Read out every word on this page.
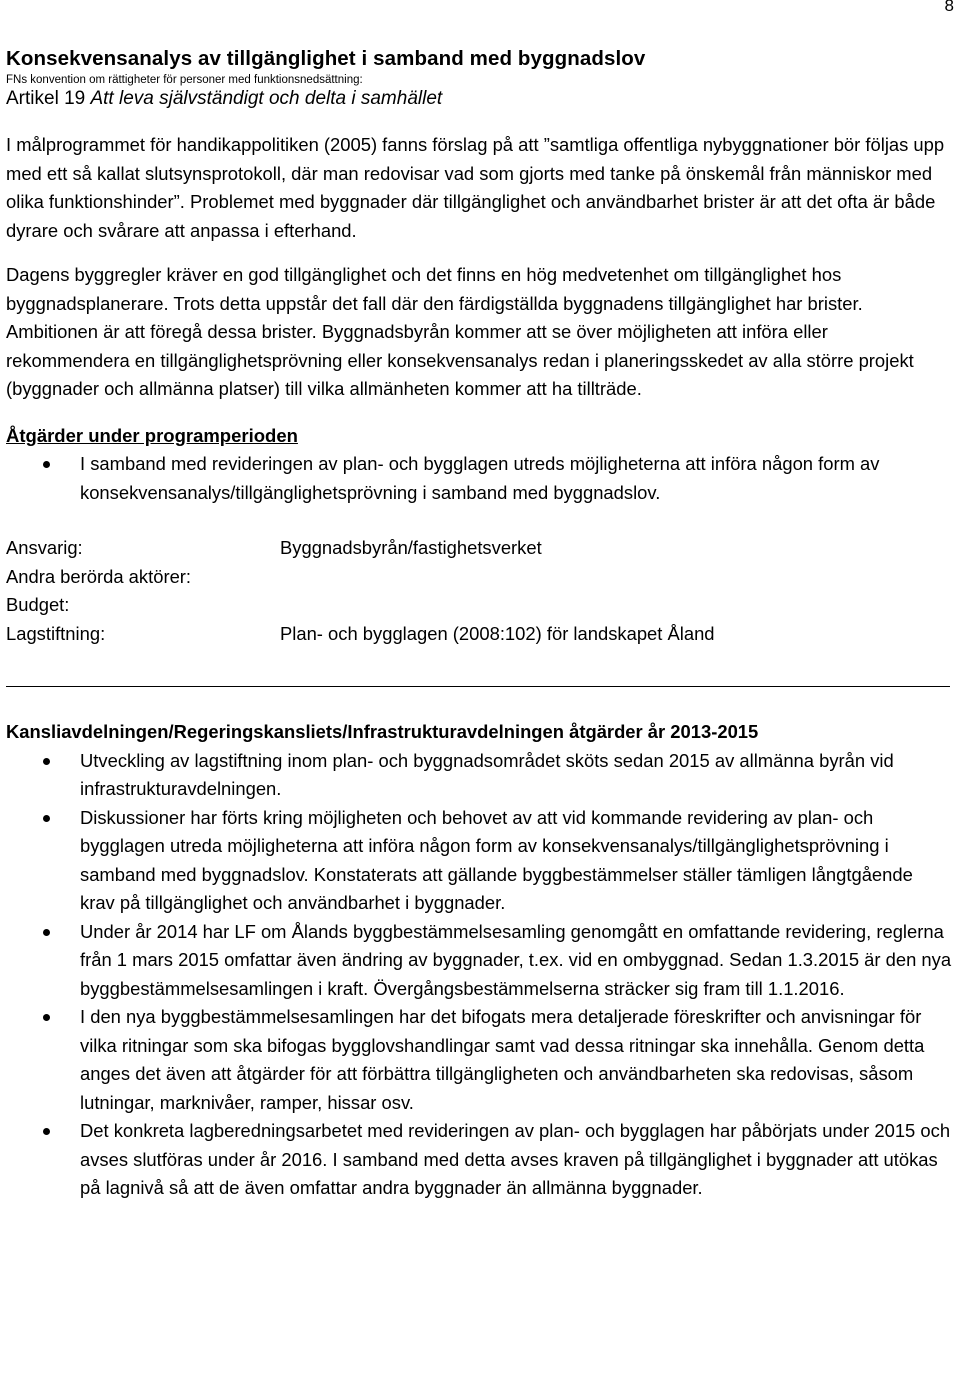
8
Konsekvensanalys av tillgänglighet i samband med byggnadslov

FNs konvention om rättigheter för personer med funktionsnedsättning:

Artikel 19 Att leva självständigt och delta i samhället

I målprogrammet för handikappolitiken (2005) fanns förslag på att ”samtliga offentliga nybyggnationer bör följas upp med ett så kallat slutsynsprotokoll, där man redovisar vad som gjorts med tanke på önskemål från människor med olika funktionshinder”. Problemet med byggnader där tillgänglighet och användbarhet brister är att det ofta är både dyrare och svårare att anpassa i efterhand.

Dagens byggregler kräver en god tillgänglighet och det finns en hög medvetenhet om tillgänglighet hos byggnadsplanerare. Trots detta uppstår det fall där den färdigställda byggnadens tillgänglighet har brister. Ambitionen är att föregå dessa brister. Byggnadsbyrån kommer att se över möjligheten att införa eller rekommendera en tillgänglighetsprövning eller konsekvensanalys redan i planeringsskedet av alla större projekt (byggnader och allmänna platser) till vilka allmänheten kommer att ha tillträde.

Åtgärder under programperioden
I samband med revideringen av plan- och bygglagen utreds möjligheterna att införa någon form av konsekvensanalys/tillgänglighetsprövning i samband med byggnadslov.
Ansvarig:	Byggnadsbyrån/fastighetsverket
Andra berörda aktörer:
Budget:
Lagstiftning:	Plan- och bygglagen (2008:102) för landskapet Åland
Kansliavdelningen/Regeringskansliets/Infrastrukturavdelningen åtgärder år 2013-2015
Utveckling av lagstiftning inom plan- och byggnadsområdet sköts sedan 2015 av allmänna byrån vid infrastrukturavdelningen.
Diskussioner har förts kring möjligheten och behovet av att vid kommande revidering av plan- och bygglagen utreda möjligheterna att införa någon form av konsekvensanalys/tillgänglighetsprövning i samband med byggnadslov. Konstaterats att gällande byggbestämmelser ställer tämligen långtgående krav på tillgänglighet och användbarhet i byggnader.
Under år 2014 har LF om Ålands byggbestämmelsesamling genomgått en omfattande revidering, reglerna från 1 mars 2015 omfattar även ändring av byggnader, t.ex. vid en ombyggnad. Sedan 1.3.2015 är den nya byggbestämmelsesamlingen i kraft. Övergångsbestämmelserna sträcker sig fram till 1.1.2016.
I den nya byggbestämmelsesamlingen har det bifogats mera detaljerade föreskrifter och anvisningar för vilka ritningar som ska bifogas bygglovshandlingar samt vad dessa ritningar ska innehålla. Genom detta anges det även att åtgärder för att förbättra tillgängligheten och användbarheten ska redovisas, såsom lutningar, marknivåer, ramper, hissar osv.
Det konkreta lagberedningsarbetet med revideringen av plan- och bygglagen har påbörjats under 2015 och avses slutföras under år 2016. I samband med detta avses kraven på tillgänglighet i byggnader att utökas på lagnivå så att de även omfattar andra byggnader än allmänna byggnader.
